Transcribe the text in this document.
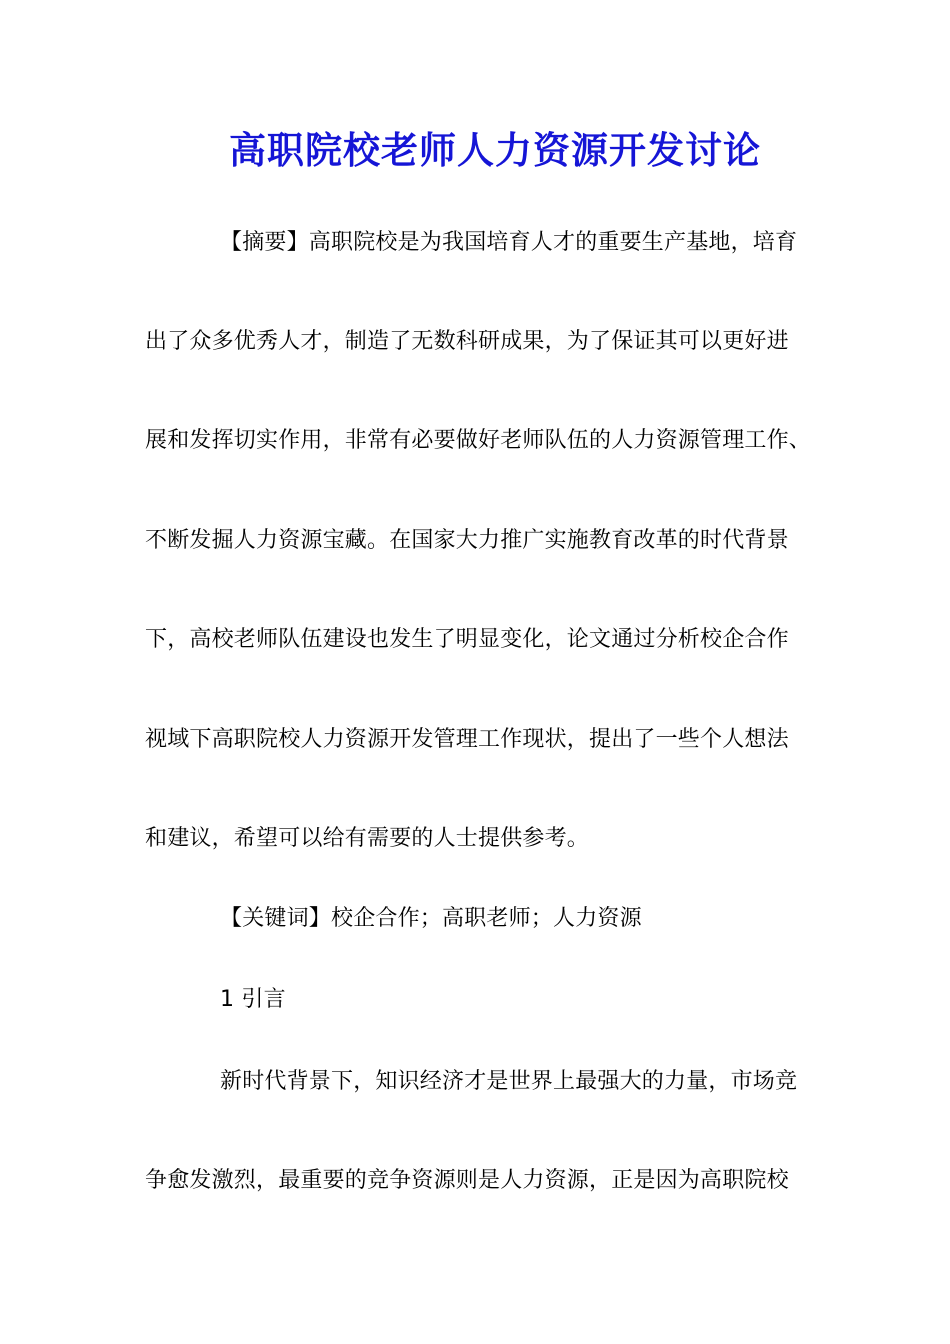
高职院校老师人力资源开发讨论
【摘要】高职院校是为我国培育人才的重要生产基地，培育
出了众多优秀人才，制造了无数科研成果，为了保证其可以更好进
展和发挥切实作用，非常有必要做好老师队伍的人力资源管理工作、
不断发掘人力资源宝藏。在国家大力推广实施教育改革的时代背景
下，高校老师队伍建设也发生了明显变化，论文通过分析校企合作
视域下高职院校人力资源开发管理工作现状，提出了一些个人想法
和建议，希望可以给有需要的人士提供参考。
【关键词】校企合作；高职老师；人力资源
1 引言
新时代背景下，知识经济才是世界上最强大的力量，市场竞
争愈发激烈，最重要的竞争资源则是人力资源，正是因为高职院校
